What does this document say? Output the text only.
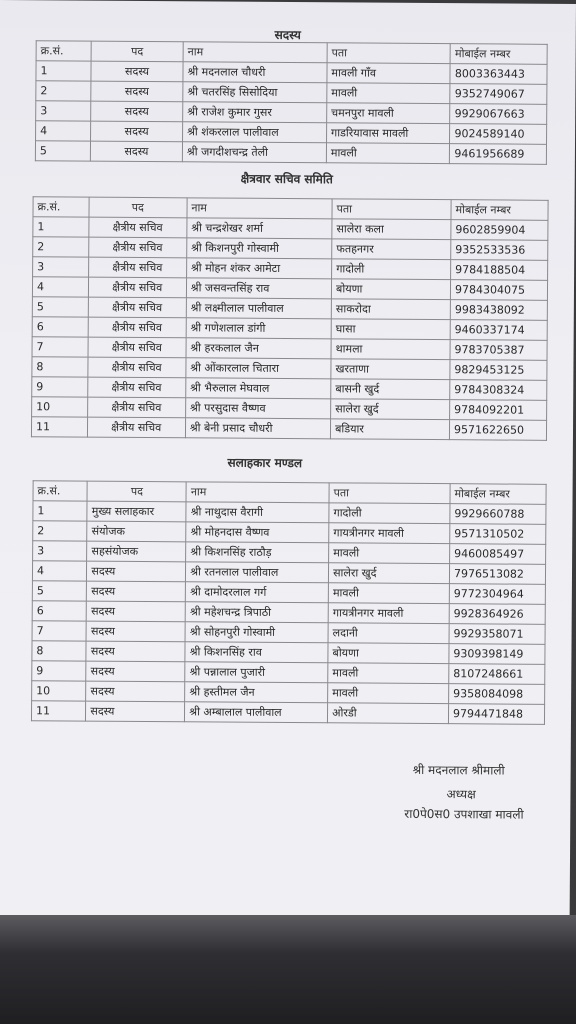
सदस्य
क्र.सं.	पद	नाम	पता	मोबाईल नम्बर
1	सदस्य	श्री मदनलाल चौधरी	मावली गाँव	8003363443
2	सदस्य	श्री चतरसिंह सिसोदिया	मावली	9352749067
3	सदस्य	श्री राजेश कुमार गुसर	चमनपुरा मावली	9929067663
4	सदस्य	श्री शंकरलाल पालीवाल	गाडरियावास मावली	9024589140
5	सदस्य	श्री जगदीशचन्द्र तेली	मावली	9461956689
क्षैत्रवार सचिव समिति
क्र.सं.	पद	नाम	पता	मोबाईल नम्बर
1	क्षैत्रीय सचिव	श्री चन्द्रशेखर शर्मा	सालेरा कला	9602859904
2	क्षैत्रीय सचिव	श्री किशनपुरी गोस्वामी	फतहनगर	9352533536
3	क्षैत्रीय सचिव	श्री मोहन शंकर आमेटा	गादोली	9784188504
4	क्षैत्रीय सचिव	श्री जसवन्तसिंह राव	बोयणा	9784304075
5	क्षैत्रीय सचिव	श्री लक्ष्मीलाल पालीवाल	साकरोदा	9983438092
6	क्षैत्रीय सचिव	श्री गणेशलाल डांगी	घासा	9460337174
7	क्षैत्रीय सचिव	श्री हरकलाल जैन	थामला	9783705387
8	क्षैत्रीय सचिव	श्री ओंकारलाल चितारा	खरताणा	9829453125
9	क्षैत्रीय सचिव	श्री भैरुलाल मेघवाल	बासनी खुर्द	9784308324
10	क्षैत्रीय सचिव	श्री परसुदास वैष्णव	सालेरा खुर्द	9784092201
11	क्षैत्रीय सचिव	श्री बेनी प्रसाद चौधरी	बडियार	9571622650
सलाहकार मण्डल
क्र.सं.	पद	नाम	पता	मोबाईल नम्बर
1	मुख्य सलाहकार	श्री नाथुदास वैरागी	गादोली	9929660788
2	संयोजक	श्री मोहनदास वैष्णव	गायत्रीनगर मावली	9571310502
3	सहसंयोजक	श्री किशनसिंह राठौड़	मावली	9460085497
4	सदस्य	श्री रतनलाल पालीवाल	सालेरा खुर्द	7976513082
5	सदस्य	श्री दामोदरलाल गर्ग	मावली	9772304964
6	सदस्य	श्री महेशचन्द्र त्रिपाठी	गायत्रीनगर मावली	9928364926
7	सदस्य	श्री सोहनपुरी गोस्वामी	लदानी	9929358071
8	सदस्य	श्री किशनसिंह राव	बोयणा	9309398149
9	सदस्य	श्री पन्नालाल पुजारी	मावली	8107248661
10	सदस्य	श्री हस्तीमल जैन	मावली	9358084098
11	सदस्य	श्री अम्बालाल पालीवाल	ओरडी	9794471848
श्री मदनलाल श्रीमाली
अध्यक्ष
रा0पे0स0 उपशाखा मावली
